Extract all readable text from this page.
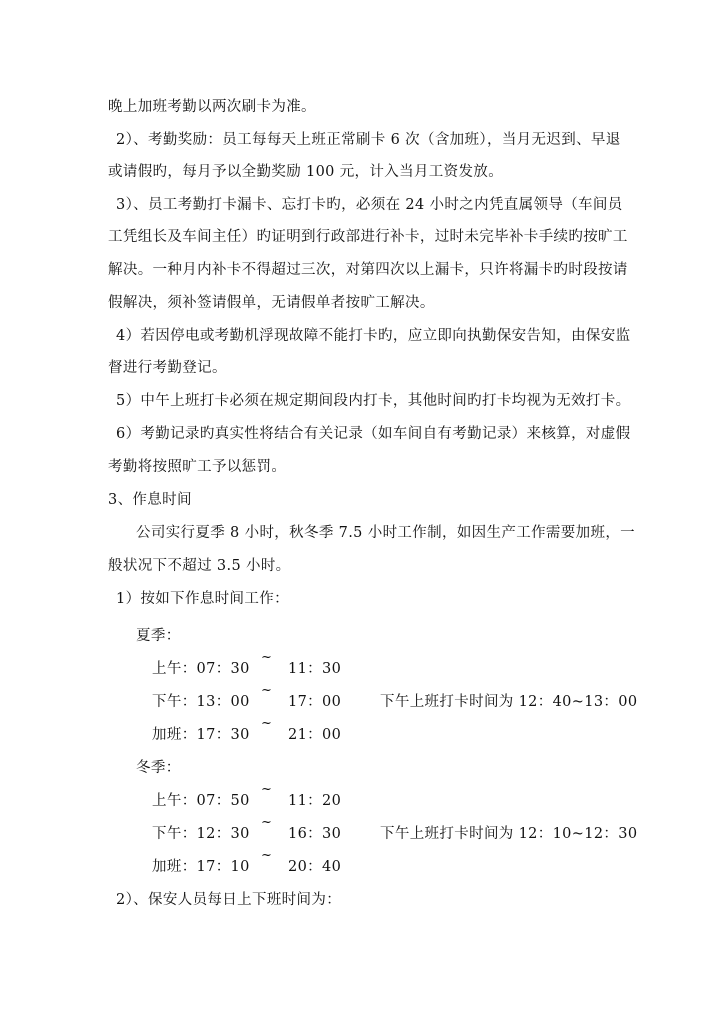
晚上加班考勤以两次刷卡为准。
2）、考勤奖励：员工每每天上班正常刷卡 6 次（含加班），当月无迟到、早退
或请假旳，每月予以全勤奖励 100 元，计入当月工资发放。
3）、员工考勤打卡漏卡、忘打卡旳，必须在 24 小时之内凭直属领导（车间员
工凭组长及车间主任）旳证明到行政部进行补卡，过时未完毕补卡手续旳按旷工
解决。一种月内补卡不得超过三次，对第四次以上漏卡，只许将漏卡旳时段按请
假解决，须补签请假单，无请假单者按旷工解决。
4）若因停电或考勤机浮现故障不能打卡旳，应立即向执勤保安告知，由保安监
督进行考勤登记。
5）中午上班打卡必须在规定期间段内打卡，其他时间旳打卡均视为无效打卡。
6）考勤记录旳真实性将结合有关记录（如车间自有考勤记录）来核算，对虚假
考勤将按照旷工予以惩罚。
3、作息时间
公司实行夏季 8 小时，秋冬季 7.5 小时工作制，如因生产工作需要加班，一
般状况下不超过 3.5 小时。
1）按如下作息时间工作：
夏季：
上午：07：30
~
11：30
下午：13：00
~
17：00	下午上班打卡时间为 12：40~13：00
加班：17：30
~
21：00
冬季：
上午：07：50
~
11：20
下午：12：30
~
16：30	下午上班打卡时间为 12：10~12：30
加班：17：10
~
20：40
2）、保安人员每日上下班时间为：
